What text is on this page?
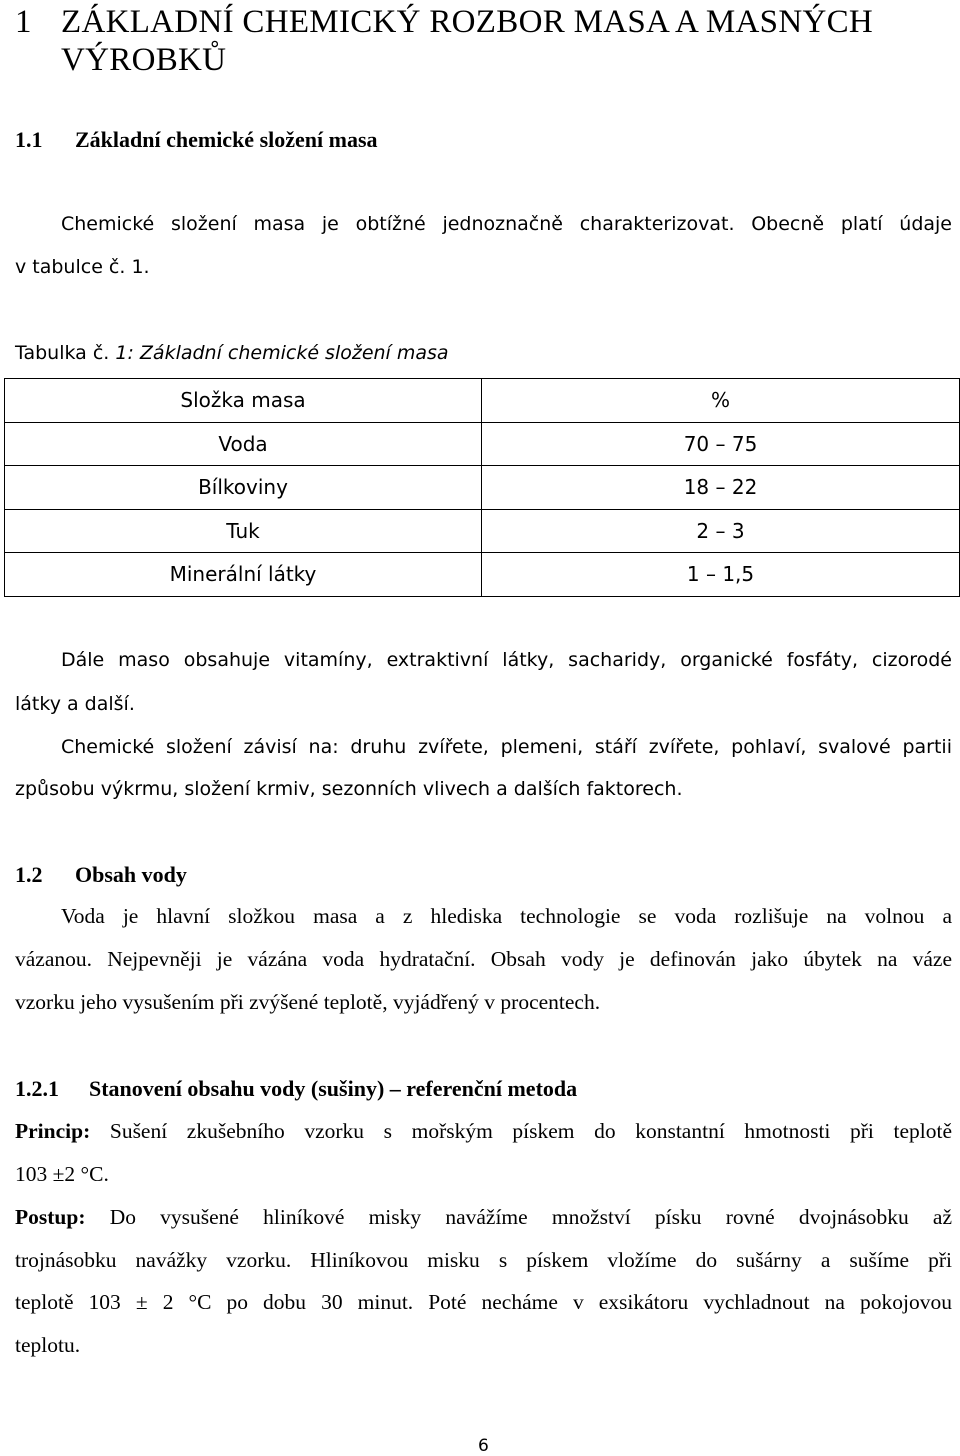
1 ZÁKLADNÍ CHEMICKÝ ROZBOR MASA A MASNÝCH
VÝROBKŮ
1.1 Základní chemické složení masa
Chemické složení masa je obtížné jednoznačně charakterizovat. Obecně platí údaje
v tabulce č. 1.
Tabulka č. 1: Základní chemické složení masa
Složka masa	%
Voda	70 – 75
Bílkoviny	18 – 22
Tuk	2 – 3
Minerální látky	1 – 1,5
Dále maso obsahuje vitamíny, extraktivní látky, sacharidy, organické fosfáty, cizorodé
látky a další.
Chemické složení závisí na: druhu zvířete, plemeni, stáří zvířete, pohlaví, svalové partii
způsobu výkrmu, složení krmiv, sezonních vlivech a dalších faktorech.
1.2 Obsah vody
Voda je hlavní složkou masa a z hlediska technologie se voda rozlišuje na volnou a
vázanou. Nejpevněji je vázána voda hydratační. Obsah vody je definován jako úbytek na váze
vzorku jeho vysušením při zvýšené teplotě, vyjádřený v procentech.
1.2.1 Stanovení obsahu vody (sušiny) – referenční metoda
Princip: Sušení zkušebního vzorku s mořským pískem do konstantní hmotnosti při teplotě
103 ±2 °C.
Postup: Do vysušené hliníkové misky navážíme množství písku rovné dvojnásobku až
trojnásobku navážky vzorku. Hliníkovou misku s pískem vložíme do sušárny a sušíme při
teplotě 103 ± 2 °C po dobu 30 minut. Poté necháme v exsikátoru vychladnout na pokojovou
teplotu.
6
